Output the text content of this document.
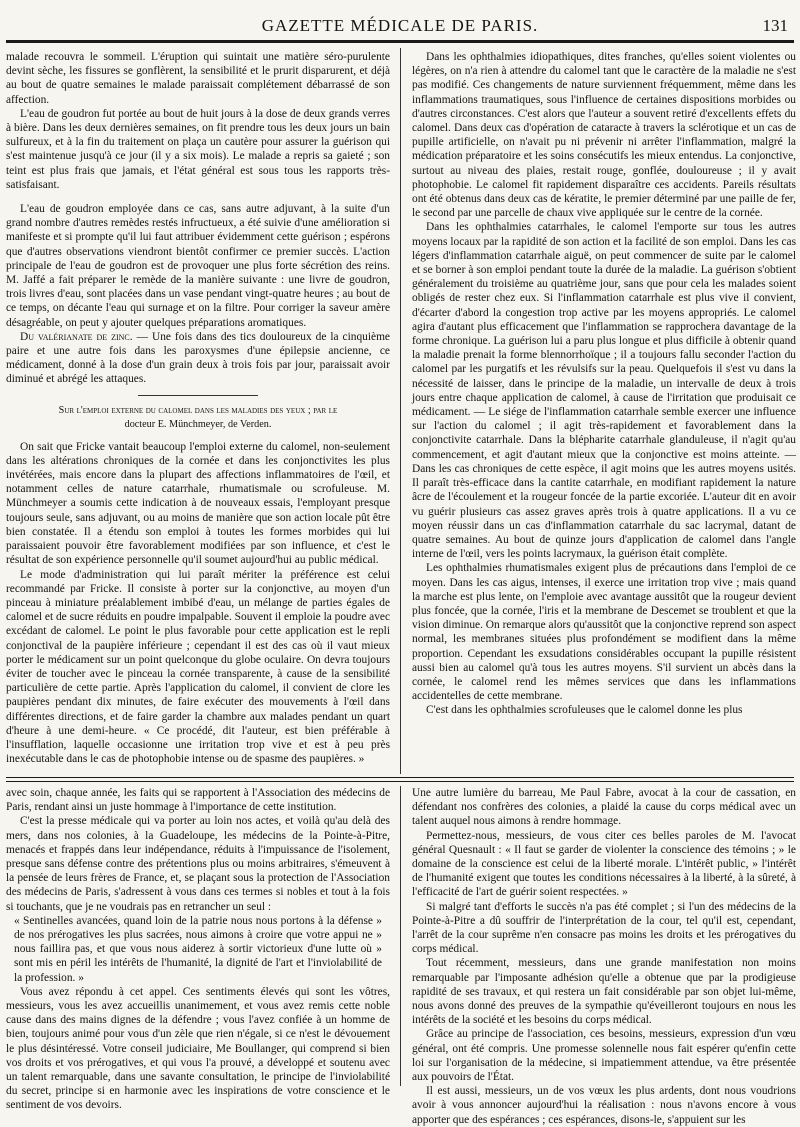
GAZETTE MÉDICALE DE PARIS.	131

malade recouvra le sommeil. L'éruption qui suintait une matière séro-purulente devint sèche, les fissures se gonflèrent, la sensibilité et le prurit disparurent, et déjà au bout de quatre semaines le malade paraissait complétement débarrassé de son affection.

L'eau de goudron fut portée au bout de huit jours à la dose de deux grands verres à bière. Dans les deux dernières semaines, on fit prendre tous les deux jours un bain sulfureux, et à la fin du traitement on plaça un cautère pour assurer la guérison qui s'est maintenue jusqu'à ce jour (il y a six mois). Le malade a repris sa gaieté ; son teint est plus frais que jamais, et l'état général est sous tous les rapports très-satisfaisant.

L'eau de goudron employée dans ce cas, sans autre adjuvant, à la suite d'un grand nombre d'autres remèdes restés infructueux, a été suivie d'une amélioration si manifeste et si prompte qu'il lui faut attribuer évidemment cette guérison ; espérons que d'autres observations viendront bientôt confirmer ce premier succès. L'action principale de l'eau de goudron est de provoquer une plus forte sécrétion des reins. M. Jaffé a fait préparer le remède de la manière suivante : une livre de goudron, trois livres d'eau, sont placées dans un vase pendant vingt-quatre heures ; au bout de ce temps, on décante l'eau qui surnage et on la filtre. Pour corriger la saveur amère désagréable, on peut y ajouter quelques préparations aromatiques.

Du valérianate de zinc. — Une fois dans des tics douloureux de la cinquième paire et une autre fois dans les paroxysmes d'une épilepsie ancienne, ce médicament, donné à la dose d'un grain deux à trois fois par jour, paraissait avoir diminué et abrégé les attaques.

Sur l'emploi externe du calomel dans les maladies des yeux ; par le
docteur E. Münchmeyer, de Verden.

On sait que Fricke vantait beaucoup l'emploi externe du calomel, non-seulement dans les altérations chroniques de la cornée et dans les conjonctivites les plus invétérées, mais encore dans la plupart des affections inflammatoires de l'œil, et notamment celles de nature catarrhale, rhumatismale ou scrofuleuse. M. Münchmeyer a soumis cette indication à de nouveaux essais, l'employant presque toujours seule, sans adjuvant, ou au moins de manière que son action locale pût être bien constatée. Il a étendu son emploi à toutes les formes morbides qui lui paraissaient pouvoir être favorablement modifiées par son influence, et c'est le résultat de son expérience personnelle qu'il soumet aujourd'hui au public médical.

Le mode d'administration qui lui paraît mériter la préférence est celui recommandé par Fricke. Il consiste à porter sur la conjonctive, au moyen d'un pinceau à miniature préalablement imbibé d'eau, un mélange de parties égales de calomel et de sucre réduits en poudre impalpable. Souvent il emploie la poudre avec excédant de calomel. Le point le plus favorable pour cette application est le repli conjonctival de la paupière inférieure ; cependant il est des cas où il vaut mieux porter le médicament sur un point quelconque du globe oculaire. On devra toujours éviter de toucher avec le pinceau la cornée transparente, à cause de la sensibilité particulière de cette partie. Après l'application du calomel, il convient de clore les paupières pendant dix minutes, de faire exécuter des mouvements à l'œil dans différentes directions, et de faire garder la chambre aux malades pendant un quart d'heure à une demi-heure. « Ce procédé, dit l'auteur, est bien préférable à l'insufflation, laquelle occasionne une irritation trop vive et est à peu près inexécutable dans le cas de photophobie intense ou de spasme des paupières. »

Dans les ophthalmies idiopathiques, dites franches, qu'elles soient violentes ou légères, on n'a rien à attendre du calomel tant que le caractère de la maladie ne s'est pas modifié. Ces changements de nature surviennent fréquemment, même dans les inflammations traumatiques, sous l'influence de certaines dispositions morbides ou d'autres circonstances. C'est alors que l'auteur a souvent retiré d'excellents effets du calomel. Dans deux cas d'opération de cataracte à travers la sclérotique et un cas de pupille artificielle, on n'avait pu ni prévenir ni arrêter l'inflammation, malgré la médication préparatoire et les soins consécutifs les mieux entendus. La conjonctive, surtout au niveau des plaies, restait rouge, gonflée, douloureuse ; il y avait photophobie. Le calomel fit rapidement disparaître ces accidents. Pareils résultats ont été obtenus dans deux cas de kératite, le premier déterminé par une paille de fer, le second par une parcelle de chaux vive appliquée sur le centre de la cornée.

Dans les ophthalmies catarrhales, le calomel l'emporte sur tous les autres moyens locaux par la rapidité de son action et la facilité de son emploi. Dans les cas légers d'inflammation catarrhale aiguë, on peut commencer de suite par le calomel et se borner à son emploi pendant toute la durée de la maladie. La guérison s'obtient généralement du troisième au quatrième jour, sans que pour cela les malades soient obligés de rester chez eux. Si l'inflammation catarrhale est plus vive il convient, d'écarter d'abord la congestion trop active par les moyens appropriés. Le calomel agira d'autant plus efficacement que l'inflammation se rapprochera davantage de la forme chronique. La guérison lui a paru plus longue et plus difficile à obtenir quand la maladie prenait la forme blennorrhoïque ; il a toujours fallu seconder l'action du calomel par les purgatifs et les révulsifs sur la peau. Quelquefois il s'est vu dans la nécessité de laisser, dans le principe de la maladie, un intervalle de deux à trois jours entre chaque application de calomel, à cause de l'irritation que produisait ce médicament. — Le siége de l'inflammation catarrhale semble exercer une influence sur l'action du calomel ; il agit très-rapidement et favorablement dans la conjonctivite catarrhale. Dans la blépharite catarrhale glanduleuse, il n'agit qu'au commencement, et agit d'autant mieux que la conjonctive est moins atteinte. — Dans les cas chroniques de cette espèce, il agit moins que les autres moyens usités. Il paraît très-efficace dans la cantite catarrhale, en modifiant rapidement la nature âcre de l'écoulement et la rougeur foncée de la partie excoriée. L'auteur dit en avoir vu guérir plusieurs cas assez graves après trois à quatre applications. Il a vu ce moyen réussir dans un cas d'inflammation catarrhale du sac lacrymal, datant de quatre semaines. Au bout de quinze jours d'application de calomel dans l'angle interne de l'œil, vers les points lacrymaux, la guérison était complète.

Les ophthalmies rhumatismales exigent plus de précautions dans l'emploi de ce moyen. Dans les cas aigus, intenses, il exerce une irritation trop vive ; mais quand la marche est plus lente, on l'emploie avec avantage aussitôt que la rougeur devient plus foncée, que la cornée, l'iris et la membrane de Descemet se troublent et que la vision diminue. On remarque alors qu'aussitôt que la conjonctive reprend son aspect normal, les membranes situées plus profondément se modifient dans la même proportion. Cependant les exsudations considérables occupant la pupille résistent aussi bien au calomel qu'à tous les autres moyens. S'il survient un abcès dans la cornée, le calomel rend les mêmes services que dans les inflammations accidentelles de cette membrane.

C'est dans les ophthalmies scrofuleuses que le calomel donne les plus

avec soin, chaque année, les faits qui se rapportent à l'Association des médecins de Paris, rendant ainsi un juste hommage à l'importance de cette institution.

C'est la presse médicale qui va porter au loin nos actes, et voilà qu'au delà des mers, dans nos colonies, à la Guadeloupe, les médecins de la Pointe-à-Pitre, menacés et frappés dans leur indépendance, réduits à l'impuissance de l'isolement, presque sans défense contre des prétentions plus ou moins arbitraires, s'émeuvent à la pensée de leurs frères de France, et, se plaçant sous la protection de l'Association des médecins de Paris, s'adressent à vous dans ces termes si nobles et tout à la fois si touchants, que je ne voudrais pas en retrancher un seul :

« Sentinelles avancées, quand loin de la patrie nous nous portons à la défense » de nos prérogatives les plus sacrées, nous aimons à croire que votre appui ne » nous faillira pas, et que vous nous aiderez à sortir victorieux d'une lutte où » sont mis en péril les intérêts de l'humanité, la dignité de l'art et l'inviolabilité de la profession. »

Vous avez répondu à cet appel. Ces sentiments élevés qui sont les vôtres, messieurs, vous les avez accueillis unanimement, et vous avez remis cette noble cause dans des mains dignes de la défendre ; vous l'avez confiée à un homme de bien, toujours animé pour vous d'un zèle que rien n'égale, si ce n'est le dévouement le plus désintéressé. Votre conseil judiciaire, Me Boullanger, qui comprend si bien vos droits et vos prérogatives, et qui vous l'a prouvé, a développé et soutenu avec un talent remarquable, dans une savante consultation, le principe de l'inviolabilité du secret, principe si en harmonie avec les inspirations de votre conscience et le sentiment de vos devoirs.

Une autre lumière du barreau, Me Paul Fabre, avocat à la cour de cassation, en défendant nos confrères des colonies, a plaidé la cause du corps médical avec un talent auquel nous aimons à rendre hommage.

Permettez-nous, messieurs, de vous citer ces belles paroles de M. l'avocat général Quesnault : « Il faut se garder de violenter la conscience des témoins ; » le domaine de la conscience est celui de la liberté morale. L'intérêt public, » l'intérêt de l'humanité exigent que toutes les conditions nécessaires à la liberté, à la sûreté, à l'efficacité de l'art de guérir soient respectées. »

Si malgré tant d'efforts le succès n'a pas été complet ; si l'un des médecins de la Pointe-à-Pitre a dû souffrir de l'interprétation de la cour, tel qu'il est, cependant, l'arrêt de la cour suprême n'en consacre pas moins les droits et les prérogatives du corps médical.

Tout récemment, messieurs, dans une grande manifestation non moins remarquable par l'imposante adhésion qu'elle a obtenue que par la prodigieuse rapidité de ses travaux, et qui restera un fait considérable par son objet lui-même, nous avons donné des preuves de la sympathie qu'éveilleront toujours en nous les intérêts de la société et les besoins du corps médical.

Grâce au principe de l'association, ces besoins, messieurs, expression d'un vœu général, ont été compris. Une promesse solennelle nous fait espérer qu'enfin cette loi sur l'organisation de la médecine, si impatiemment attendue, va être présentée aux pouvoirs de l'État.

Il est aussi, messieurs, un de vos vœux les plus ardents, dont nous voudrions avoir à vous annoncer aujourd'hui la réalisation : nous n'avons encore à vous apporter que des espérances ; ces espérances, disons-le, s'appuient sur les
